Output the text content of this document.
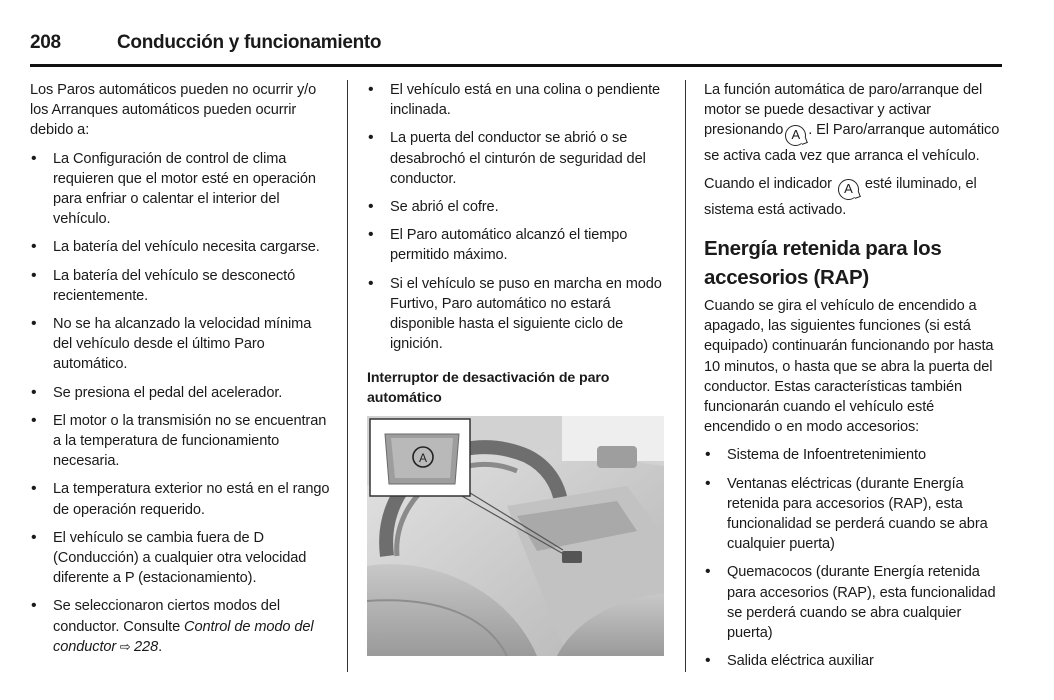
208	Conducción y funcionamiento

Los Paros automáticos pueden no ocurrir y/o los Arranques automáticos pueden ocurrir debido a:

• La Configuración de control de clima requieren que el motor esté en operación para enfriar o calentar el interior del vehículo.
• La batería del vehículo necesita cargarse.
• La batería del vehículo se desconectó recientemente.
• No se ha alcanzado la velocidad mínima del vehículo desde el último Paro automático.
• Se presiona el pedal del acelerador.
• El motor o la transmisión no se encuentran a la temperatura de funcionamiento necesaria.
• La temperatura exterior no está en el rango de operación requerido.
• El vehículo se cambia fuera de D (Conducción) a cualquier otra velocidad diferente a P (estacionamiento).
• Se seleccionaron ciertos modos del conductor. Consulte Control de modo del conductor ⇨ 228.
• El vehículo está en una colina o pendiente inclinada.
• La puerta del conductor se abrió o se desabrochó el cinturón de seguridad del conductor.
• Se abrió el cofre.
• El Paro automático alcanzó el tiempo permitido máximo.
• Si el vehículo se puso en marcha en modo Furtivo, Paro automático no estará disponible hasta el siguiente ciclo de ignición.
Interruptor de desactivación de paro automático
A

La función automática de paro/arranque del motor se puede desactivar y activar presionando A . El Paro/arranque automático se activa cada vez que arranca el vehículo.

Cuando el indicador A esté iluminado, el sistema está activado.

Energía retenida para los accesorios (RAP)

Cuando se gira el vehículo de encendido a apagado, las siguientes funciones (si está equipado) continuarán funcionando por hasta 10 minutos, o hasta que se abra la puerta del conductor. Estas características también funcionarán cuando el vehículo esté encendido o en modo accesorios:

• Sistema de Infoentretenimiento
• Ventanas eléctricas (durante Energía retenida para accesorios (RAP), esta funcionalidad se perderá cuando se abra cualquier puerta)
• Quemacocos (durante Energía retenida para accesorios (RAP), esta funcionalidad se perderá cuando se abra cualquier puerta)
• Salida eléctrica auxiliar
